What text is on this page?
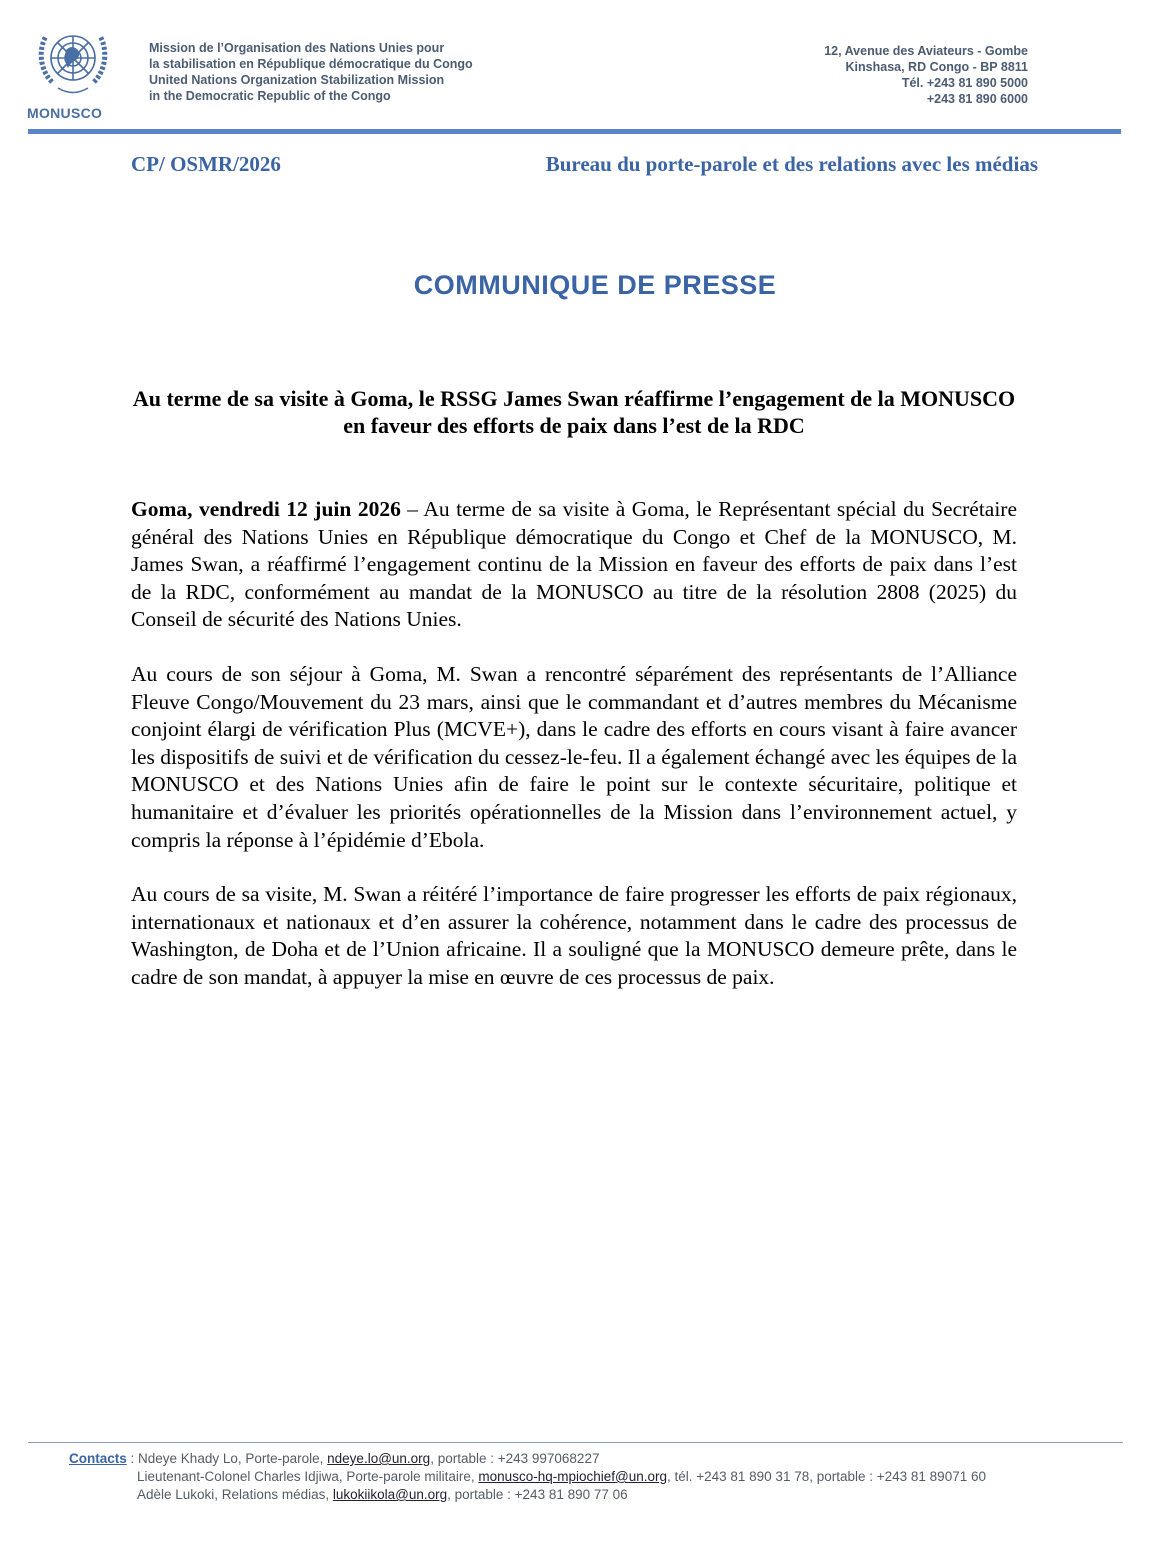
MONUSCO
Mission de l’Organisation des Nations Unies pour
la stabilisation en République démocratique du Congo
United Nations Organization Stabilization Mission
in the Democratic Republic of the Congo
12, Avenue des Aviateurs - Gombe
Kinshasa, RD Congo - BP 8811
Tél. +243 81 890 5000
+243 81 890 6000
CP/ OSMR/2026	Bureau du porte-parole et des relations avec les médias
COMMUNIQUE DE PRESSE
Au terme de sa visite à Goma, le RSSG James Swan réaffirme l’engagement de la MONUSCO en faveur des efforts de paix dans l’est de la RDC

Goma, vendredi 12 juin 2026 – Au terme de sa visite à Goma, le Représentant spécial du Secrétaire général des Nations Unies en République démocratique du Congo et Chef de la MONUSCO, M. James Swan, a réaffirmé l’engagement continu de la Mission en faveur des efforts de paix dans l’est de la RDC, conformément au mandat de la MONUSCO au titre de la résolution 2808 (2025) du Conseil de sécurité des Nations Unies.

Au cours de son séjour à Goma, M. Swan a rencontré séparément des représentants de l’Alliance Fleuve Congo/Mouvement du 23 mars, ainsi que le commandant et d’autres membres du Mécanisme conjoint élargi de vérification Plus (MCVE+), dans le cadre des efforts en cours visant à faire avancer les dispositifs de suivi et de vérification du cessez-le-feu. Il a également échangé avec les équipes de la MONUSCO et des Nations Unies afin de faire le point sur le contexte sécuritaire, politique et humanitaire et d’évaluer les priorités opérationnelles de la Mission dans l’environnement actuel, y compris la réponse à l’épidémie d’Ebola.

Au cours de sa visite, M. Swan a réitéré l’importance de faire progresser les efforts de paix régionaux, internationaux et nationaux et d’en assurer la cohérence, notamment dans le cadre des processus de Washington, de Doha et de l’Union africaine. Il a souligné que la MONUSCO demeure prête, dans le cadre de son mandat, à appuyer la mise en œuvre de ces processus de paix.

Contacts : Ndeye Khady Lo, Porte-parole, ndeye.lo@un.org, portable : +243 997068227
Lieutenant-Colonel Charles Idjiwa, Porte-parole militaire, monusco-hq-mpiochief@un.org, tél. +243 81 890 31 78, portable : +243 81 89071 60
Adèle Lukoki, Relations médias, lukokiikola@un.org, portable : +243 81 890 77 06
